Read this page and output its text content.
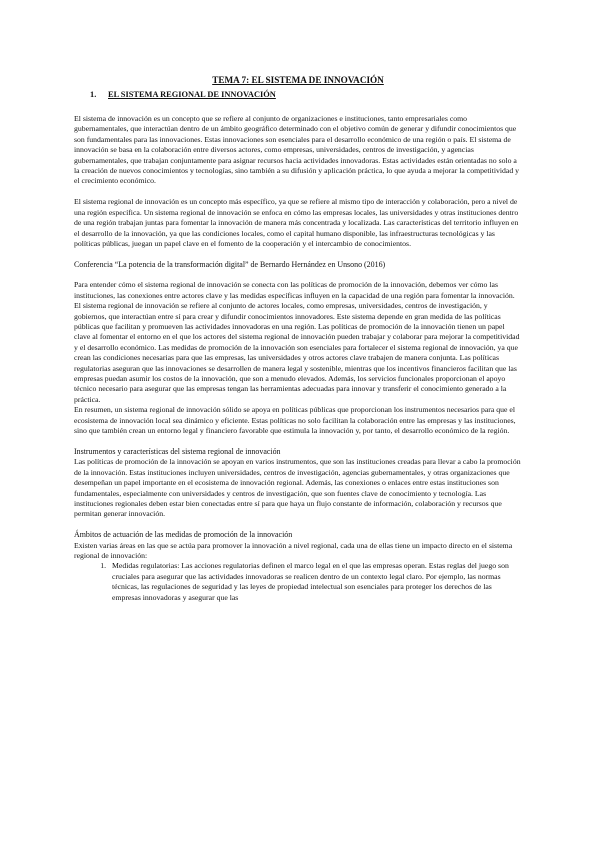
TEMA 7: EL SISTEMA DE INNOVACIÓN
1. EL SISTEMA REGIONAL DE INNOVACIÓN

El sistema de innovación es un concepto que se refiere al conjunto de organizaciones e instituciones, tanto empresariales como gubernamentales, que interactúan dentro de un ámbito geográfico determinado con el objetivo común de generar y difundir conocimientos que son fundamentales para las innovaciones. Estas innovaciones son esenciales para el desarrollo económico de una región o país. El sistema de innovación se basa en la colaboración entre diversos actores, como empresas, universidades, centros de investigación, y agencias gubernamentales, que trabajan conjuntamente para asignar recursos hacia actividades innovadoras. Estas actividades están orientadas no solo a la creación de nuevos conocimientos y tecnologías, sino también a su difusión y aplicación práctica, lo que ayuda a mejorar la competitividad y el crecimiento económico.

El sistema regional de innovación es un concepto más específico, ya que se refiere al mismo tipo de interacción y colaboración, pero a nivel de una región específica. Un sistema regional de innovación se enfoca en cómo las empresas locales, las universidades y otras instituciones dentro de una región trabajan juntas para fomentar la innovación de manera más concentrada y localizada. Las características del territorio influyen en el desarrollo de la innovación, ya que las condiciones locales, como el capital humano disponible, las infraestructuras tecnológicas y las políticas públicas, juegan un papel clave en el fomento de la cooperación y el intercambio de conocimientos.

Conferencia “La potencia de la transformación digital” de Bernardo Hernández en Unsono (2016)

Para entender cómo el sistema regional de innovación se conecta con las políticas de promoción de la innovación, debemos ver cómo las instituciones, las conexiones entre actores clave y las medidas específicas influyen en la capacidad de una región para fomentar la innovación.

El sistema regional de innovación se refiere al conjunto de actores locales, como empresas, universidades, centros de investigación, y gobiernos, que interactúan entre sí para crear y difundir conocimientos innovadores. Este sistema depende en gran medida de las políticas públicas que facilitan y promueven las actividades innovadoras en una región. Las políticas de promoción de la innovación tienen un papel clave al fomentar el entorno en el que los actores del sistema regional de innovación pueden trabajar y colaborar para mejorar la competitividad y el desarrollo económico. Las medidas de promoción de la innovación son esenciales para fortalecer el sistema regional de innovación, ya que crean las condiciones necesarias para que las empresas, las universidades y otros actores clave trabajen de manera conjunta. Las políticas regulatorias aseguran que las innovaciones se desarrollen de manera legal y sostenible, mientras que los incentivos financieros facilitan que las empresas puedan asumir los costos de la innovación, que son a menudo elevados. Además, los servicios funcionales proporcionan el apoyo técnico necesario para asegurar que las empresas tengan las herramientas adecuadas para innovar y transferir el conocimiento generado a la práctica.

En resumen, un sistema regional de innovación sólido se apoya en políticas públicas que proporcionan los instrumentos necesarios para que el ecosistema de innovación local sea dinámico y eficiente. Estas políticas no solo facilitan la colaboración entre las empresas y las instituciones, sino que también crean un entorno legal y financiero favorable que estimula la innovación y, por tanto, el desarrollo económico de la región.

Instrumentos y características del sistema regional de innovación

Las políticas de promoción de la innovación se apoyan en varios instrumentos, que son las instituciones creadas para llevar a cabo la promoción de la innovación. Estas instituciones incluyen universidades, centros de investigación, agencias gubernamentales, y otras organizaciones que desempeñan un papel importante en el ecosistema de innovación regional. Además, las conexiones o enlaces entre estas instituciones son fundamentales, especialmente con universidades y centros de investigación, que son fuentes clave de conocimiento y tecnología. Las instituciones regionales deben estar bien conectadas entre sí para que haya un flujo constante de información, colaboración y recursos que permitan generar innovación.

Ámbitos de actuación de las medidas de promoción de la innovación

Existen varias áreas en las que se actúa para promover la innovación a nivel regional, cada una de ellas tiene un impacto directo en el sistema regional de innovación:

1. Medidas regulatorias: Las acciones regulatorias definen el marco legal en el que las empresas operan. Estas reglas del juego son cruciales para asegurar que las actividades innovadoras se realicen dentro de un contexto legal claro. Por ejemplo, las normas técnicas, las regulaciones de seguridad y las leyes de propiedad intelectual son esenciales para proteger los derechos de las empresas innovadoras y asegurar que las
